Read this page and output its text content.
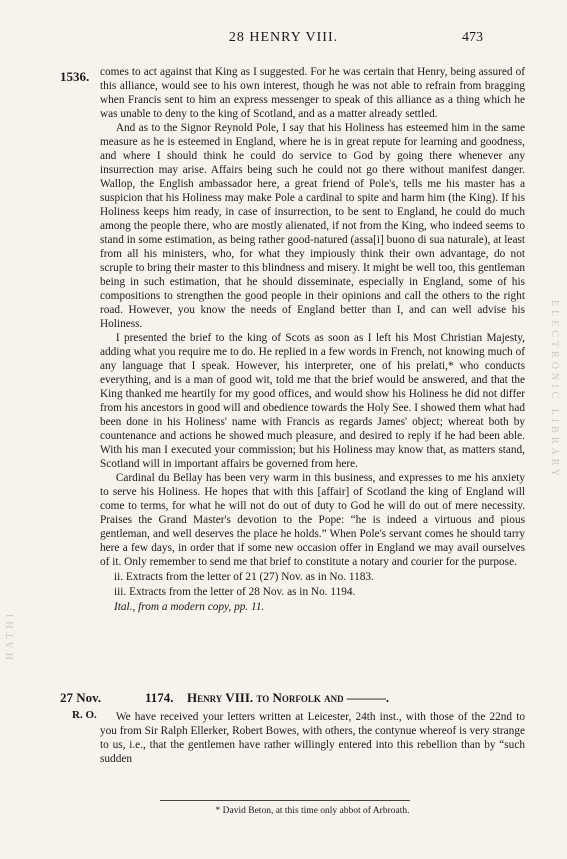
28 HENRY VIII.	473
1536. comes to act against that King as I suggested. For he was certain that Henry, being assured of this alliance, would see to his own interest, though he was not able to refrain from bragging when Francis sent to him an express messenger to speak of this alliance as a thing which he was unable to deny to the king of Scotland, and as a matter already settled.

And as to the Signor Reynold Pole, I say that his Holiness has esteemed him in the same measure as he is esteemed in England, where he is in great repute for learning and goodness, and where I should think he could do service to God by going there whenever any insurrection may arise. Affairs being such he could not go there without manifest danger. Wallop, the English ambassador here, a great friend of Pole's, tells me his master has a suspicion that his Holiness may make Pole a cardinal to spite and harm him (the King). If his Holiness keeps him ready, in case of insurrection, to be sent to England, he could do much among the people there, who are mostly alienated, if not from the King, who indeed seems to stand in some estimation, as being rather good-natured (assa[i] buono di sua naturale), at least from all his ministers, who, for what they impiously think their own advantage, do not scruple to bring their master to this blindness and misery. It might be well too, this gentleman being in such estimation, that he should disseminate, especially in England, some of his compositions to strengthen the good people in their opinions and call the others to the right road. However, you know the needs of England better than I, and can well advise his Holiness.

I presented the brief to the king of Scots as soon as I left his Most Christian Majesty, adding what you require me to do. He replied in a few words in French, not knowing much of any language that I speak. However, his interpreter, one of his prelati,* who conducts everything, and is a man of good wit, told me that the brief would be answered, and that the King thanked me heartily for my good offices, and would show his Holiness he did not differ from his ancestors in good will and obedience towards the Holy See. I showed them what had been done in his Holiness' name with Francis as regards James' object; whereat both by countenance and actions he showed much pleasure, and desired to reply if he had been able. With his man I executed your commission; but his Holiness may know that, as matters stand, Scotland will in important affairs be governed from here.

Cardinal du Bellay has been very warm in this business, and expresses to me his anxiety to serve his Holiness. He hopes that with this [affair] of Scotland the king of England will come to terms, for what he will not do out of duty to God he will do out of mere necessity. Praises the Grand Master's devotion to the Pope: “he is indeed a virtuous and pious gentleman, and well deserves the place he holds.” When Pole's servant comes he should tarry here a few days, in order that if some new occasion offer in England we may avail ourselves of it. Only remember to send me that brief to constitute a notary and courier for the purpose.

ii. Extracts from the letter of 21 (27) Nov. as in No. 1183.
iii. Extracts from the letter of 28 Nov. as in No. 1194.
Ital., from a modern copy, pp. 11.
27 Nov.	1174. Henry VIII. to Norfolk and ———.
R. O.	We have received your letters written at Leicester, 24th inst., with those of the 22nd to you from Sir Ralph Ellerker, Robert Bowes, with others, the contynue whereof is very strange to us, i.e., that the gentlemen have rather willingly entered into this rebellion than by “such sudden

* David Beton, at this time only abbot of Arbroath.
ELECTRONIC LIBRARY
HATHI
